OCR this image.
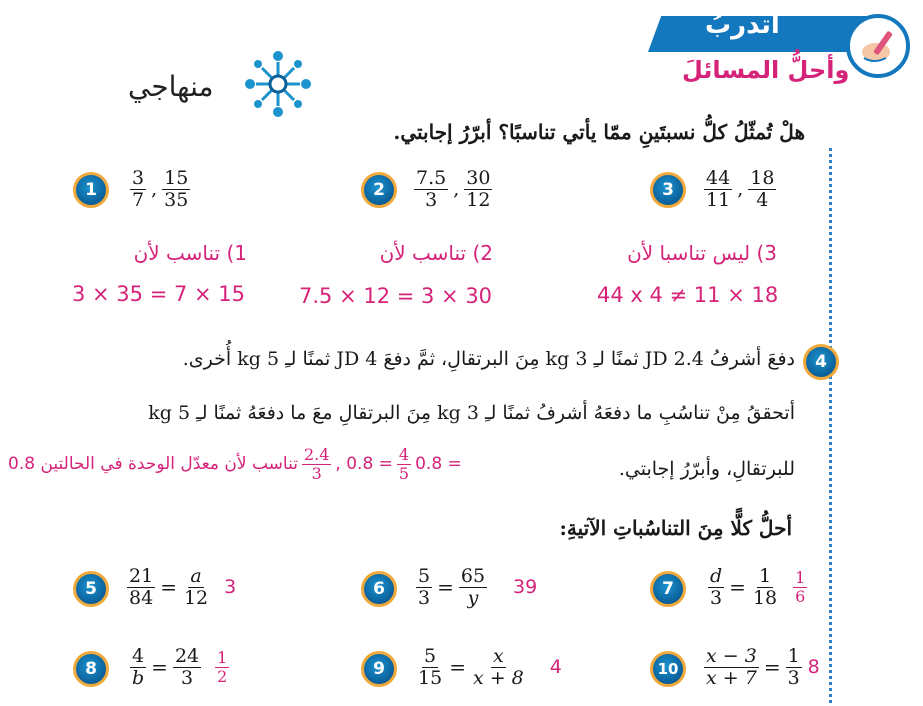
أتدربُ
وأحلُّ المسائلَ
منهاجي
هلْ تُمثّلُ كلُّ نسبتَينِ ممّا يأتي تناسبًا؟ أبرّرُ إجابتي.
1	$\frac{3}{7}$ , $\frac{15}{35}$	2	$\frac{7.5}{3}$ , $\frac{30}{12}$	3	$\frac{44}{11}$ , $\frac{18}{4}$
1) تناسب لأن
3 × 35 = 7 × 15
2) تناسب لأن
7.5 × 12 = 3 × 30
3) ليس تناسبا لأن
44 x 4 ≠ 11 × 18
4
دفعَ أشرفُ JD 2.4 ثمنًا لـِ 3 kg مِنَ البرتقالِ، ثمَّ دفعَ JD 4 ثمنًا لـِ 5 kg أُخرى.
أتحققُ مِنْ تناسُبِ ما دفعَهُ أشرفُ ثمنًا لـِ 3 kg مِنَ البرتقالِ معَ ما دفعَهُ ثمنًا لـِ 5 kg
للبرتقالِ، وأبرّرُ إجابتي.
تناسب لأن معدّل الوحدة في الحالتين $0.8 \frac{2.4}{3}$ , $0.8 = \frac{4}{5} 0.8$ =
أحلُّ كلًّا مِنَ التناسُباتِ الآتيةِ:
5	$\frac{21}{84} = \frac{a}{12} 3$	6	$\frac{5}{3} = \frac{65}{y} 39$	7	$\frac{d}{3} = \frac{1}{18} \frac{1}{6}$
8	$\frac{4}{b} = \frac{24}{3} \frac{1}{2}$	9	$\frac{5}{15} = \frac{x}{x + 8} 4$	10	$\frac{x - 3}{x + 7} = \frac{1}{3} 8$
